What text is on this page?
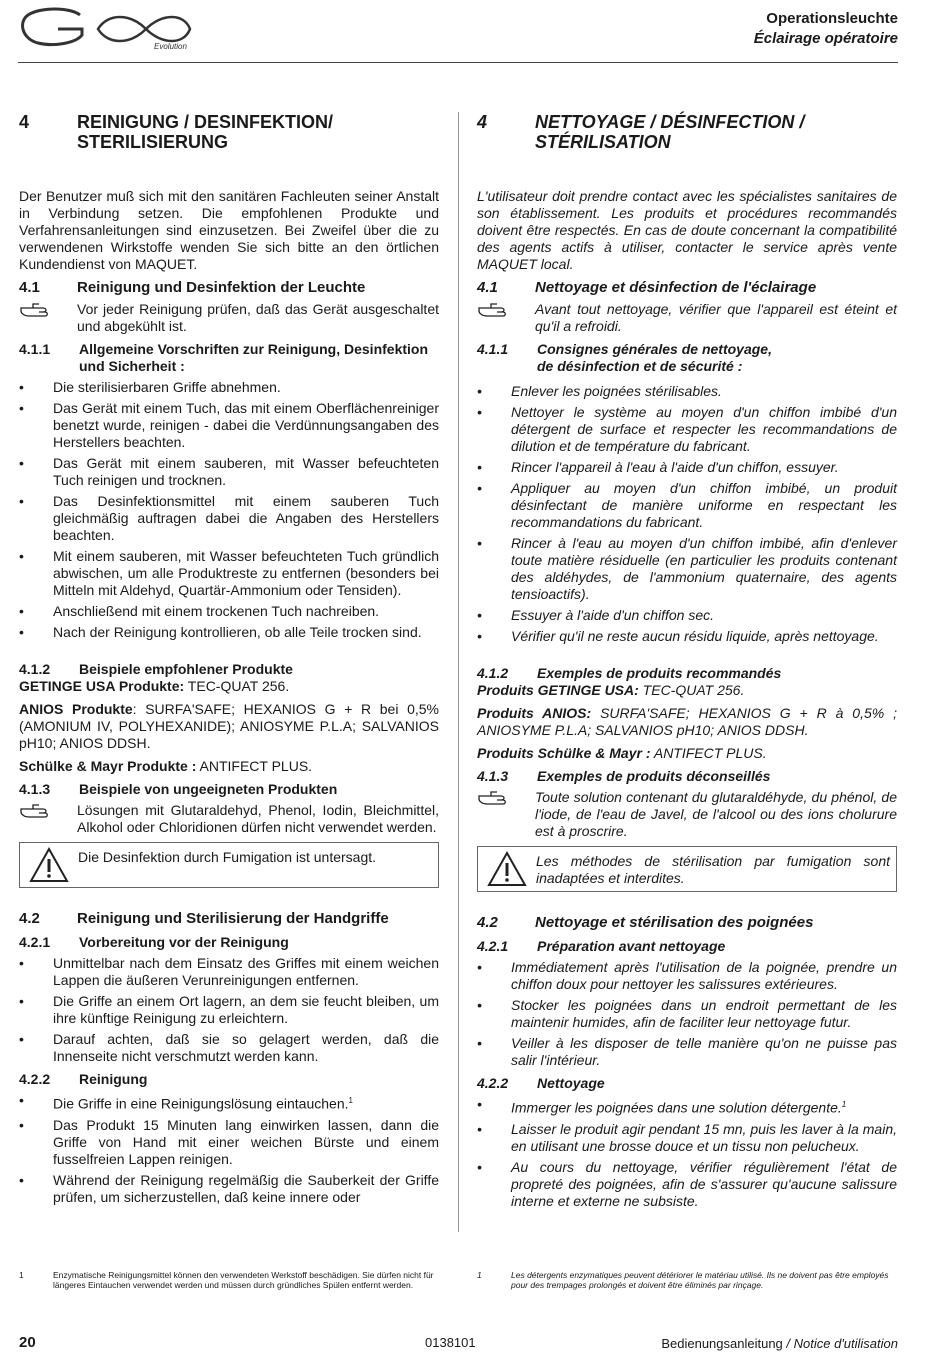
Evolution
Operationsleuchte
Éclairage opératoire
4	REINIGUNG / DESINFEKTION/
STERILISIERUNG

Der Benutzer muß sich mit den sanitären Fachleuten seiner Anstalt in Verbindung setzen. Die empfohlenen Produkte und Verfahrensanleitungen sind einzusetzen. Bei Zweifel über die zu verwendenen Wirkstoffe wenden Sie sich bitte an den örtlichen Kundendienst von MAQUET.

4.1	Reinigung und Desinfektion der Leuchte
Vor jeder Reinigung prüfen, daß das Gerät ausgeschaltet und abgekühlt ist.
4.1.1	Allgemeine Vorschriften zur Reinigung, Desinfektion und Sicherheit :
•	Die sterilisierbaren Griffe abnehmen.
•	Das Gerät mit einem Tuch, das mit einem Oberflächenreiniger benetzt wurde, reinigen - dabei die Verdünnungsangaben des Herstellers beachten.
•	Das Gerät mit einem sauberen, mit Wasser befeuchteten Tuch reinigen und trocknen.
•	Das Desinfektionsmittel mit einem sauberen Tuch gleichmäßig auftragen dabei die Angaben des Herstellers beachten.
•	Mit einem sauberen, mit Wasser befeuchteten Tuch gründlich abwischen, um alle Produktreste zu entfernen (besonders bei Mitteln mit Aldehyd, Quartär-Ammonium oder Tensiden).
•	Anschließend mit einem trockenen Tuch nachreiben.
•	Nach der Reinigung kontrollieren, ob alle Teile trocken sind.
4.1.2	Beispiele empfohlener Produkte

GETINGE USA Produkte: TEC-QUAT 256.

ANIOS Produkte: SURFA'SAFE; HEXANIOS G + R bei 0,5% (AMONIUM IV, POLYHEXANIDE); ANIOSYME P.L.A; SALVANIOS pH10; ANIOS DDSH.

Schülke & Mayr Produkte : ANTIFECT PLUS.

4.1.3	Beispiele von ungeeigneten Produkten
Lösungen mit Glutaraldehyd, Phenol, Iodin, Bleichmittel, Alkohol oder Chloridionen dürfen nicht verwendet werden.
Die Desinfektion durch Fumigation ist untersagt.
4.2	Reinigung und Sterilisierung der Handgriffe
4.2.1	Vorbereitung vor der Reinigung
•	Unmittelbar nach dem Einsatz des Griffes mit einem weichen Lappen die äußeren Verunreinigungen entfernen.
•	Die Griffe an einem Ort lagern, an dem sie feucht bleiben, um ihre künftige Reinigung zu erleichtern.
•	Darauf achten, daß sie so gelagert werden, daß die Innenseite nicht verschmutzt werden kann.
4.2.2	Reinigung
•	Die Griffe in eine Reinigungslösung eintauchen.$^1$
•	Das Produkt 15 Minuten lang einwirken lassen, dann die Griffe von Hand mit einer weichen Bürste und einem fusselfreien Lappen reinigen.
•	Während der Reinigung regelmäßig die Sauberkeit der Griffe prüfen, um sicherzustellen, daß keine innere oder
4	NETTOYAGE / DÉSINFECTION /
STÉRILISATION

L'utilisateur doit prendre contact avec les spécialistes sanitaires de son établissement. Les produits et procédures recommandés doivent être respectés. En cas de doute concernant la compatibilité des agents actifs à utiliser, contacter le service après vente MAQUET local.

4.1	Nettoyage et désinfection de l'éclairage
Avant tout nettoyage, vérifier que l'appareil est éteint et qu'il a refroidi.
4.1.1	Consignes générales de nettoyage,
de désinfection et de sécurité :
•	Enlever les poignées stérilisables.
•	Nettoyer le système au moyen d'un chiffon imbibé d'un détergent de surface et respecter les recommandations de dilution et de température du fabricant.
•	Rincer l'appareil à l'eau à l'aide d'un chiffon, essuyer.
•	Appliquer au moyen d'un chiffon imbibé, un produit désinfectant de manière uniforme en respectant les recommandations du fabricant.
•	Rincer à l'eau au moyen d'un chiffon imbibé, afin d'enlever toute matière résiduelle (en particulier les produits contenant des aldéhydes, de l'ammonium quaternaire, des agents tensioactifs).
•	Essuyer à l'aide d'un chiffon sec.
•	Vérifier qu'il ne reste aucun résidu liquide, après nettoyage.
4.1.2	Exemples de produits recommandés

Produits GETINGE USA: TEC-QUAT 256.

Produits ANIOS: SURFA'SAFE; HEXANIOS G + R à 0,5% ; ANIOSYME P.L.A; SALVANIOS pH10; ANIOS DDSH.

Produits Schülke & Mayr : ANTIFECT PLUS.

4.1.3	Exemples de produits déconseillés
Toute solution contenant du glutaraldéhyde, du phénol, de l'iode, de l'eau de Javel, de l'alcool ou des ions cholurure est à proscrire.
Les méthodes de stérilisation par fumigation sont inadaptées et interdites.
4.2	Nettoyage et stérilisation des poignées
4.2.1	Préparation avant nettoyage
•	Immédiatement après l'utilisation de la poignée, prendre un chiffon doux pour nettoyer les salissures extérieures.
•	Stocker les poignées dans un endroit permettant de les maintenir humides, afin de faciliter leur nettoyage futur.
•	Veiller à les disposer de telle manière qu'on ne puisse pas salir l'intérieur.
4.2.2	Nettoyage
•	Immerger les poignées dans une solution détergente.$^1$
•	Laisser le produit agir pendant 15 mn, puis les laver à la main, en utilisant une brosse douce et un tissu non pelucheux.
•	Au cours du nettoyage, vérifier régulièrement l'état de propreté des poignées, afin de s'assurer qu'aucune salissure interne et externe ne subsiste.
1	Enzymatische Reinigungsmittel können den verwendeten Werkstoff beschädigen. Sie dürfen nicht für längeres Eintauchen verwendet werden und müssen durch gründliches Spülen entfernt werden.
1	Les détergents enzymatiques peuvent détériorer le matériau utilisé. Ils ne doivent pas être employés pour des trempages prolongés et doivent être éliminés par rinçage.
20	0138101	Bedienungsanleitung / Notice d'utilisation
